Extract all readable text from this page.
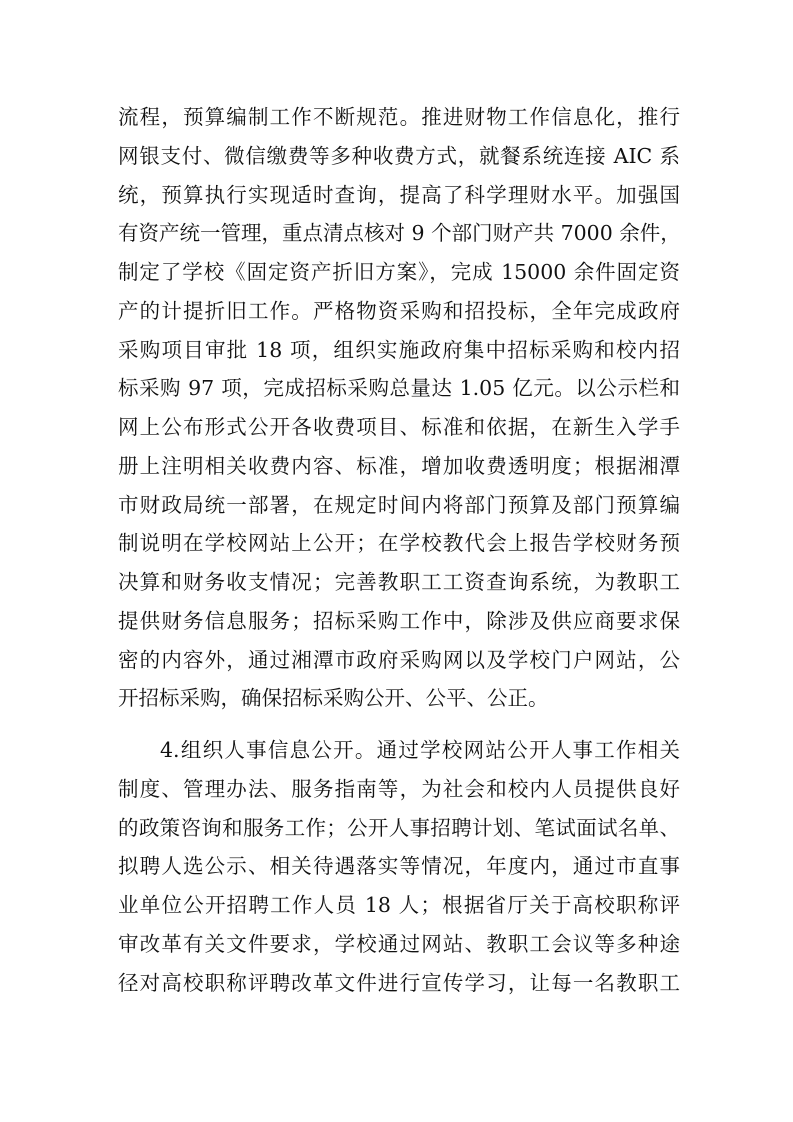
流程，预算编制工作不断规范。推进财物工作信息化，推行
网银支付、微信缴费等多种收费方式，就餐系统连接 AIC 系
统，预算执行实现适时查询，提高了科学理财水平。加强国
有资产统一管理，重点清点核对 9 个部门财产共 7000 余件，
制定了学校《固定资产折旧方案》，完成 15000 余件固定资
产的计提折旧工作。严格物资采购和招投标，全年完成政府
采购项目审批 18 项，组织实施政府集中招标采购和校内招
标采购 97 项，完成招标采购总量达 1.05 亿元。以公示栏和
网上公布形式公开各收费项目、标准和依据，在新生入学手
册上注明相关收费内容、标准，增加收费透明度；根据湘潭
市财政局统一部署，在规定时间内将部门预算及部门预算编
制说明在学校网站上公开；在学校教代会上报告学校财务预
决算和财务收支情况；完善教职工工资查询系统，为教职工
提供财务信息服务；招标采购工作中，除涉及供应商要求保
密的内容外，通过湘潭市政府采购网以及学校门户网站，公
开招标采购，确保招标采购公开、公平、公正。
4.组织人事信息公开。通过学校网站公开人事工作相关
制度、管理办法、服务指南等，为社会和校内人员提供良好
的政策咨询和服务工作；公开人事招聘计划、笔试面试名单、
拟聘人选公示、相关待遇落实等情况，年度内，通过市直事
业单位公开招聘工作人员 18 人；根据省厅关于高校职称评
审改革有关文件要求，学校通过网站、教职工会议等多种途
径对高校职称评聘改革文件进行宣传学习，让每一名教职工
